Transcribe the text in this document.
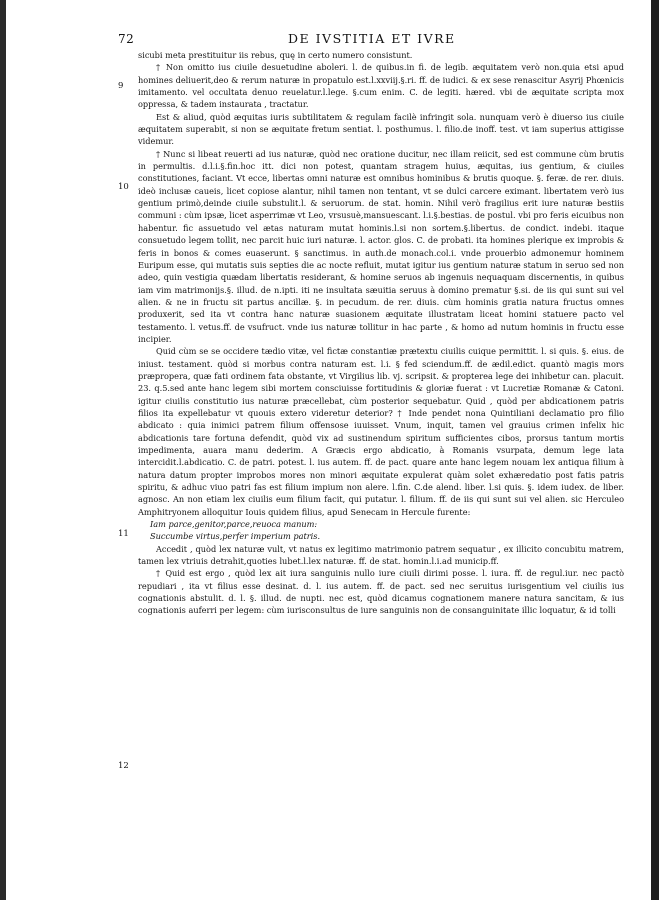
72	DE IVSTITIA ET IVRE
9
10
11
12

sicubi meta prestituitur iis rebus, quę in certo numero consistunt.

† Non omitto ius ciuile desuetudine aboleri. l. de quibus.in fi. de legib. æquitatem verò non.quia etsi apud homines deliuerit,deo & rerum naturæ in propatulo est.l.xxviij.§.ri. ff. de iudici. & ex sese renascitur Asyrij Phœnicis imitamento. vel occultata denuo reuelatur.l.lege. §.cum enim. C. de legiti. hæred. vbi de æquitate scripta mox oppressa, & tadem instaurata , tractatur.

Est & aliud, quòd æquitas iuris subtilitatem & regulam facilè infringit sola. nunquam verò è diuerso ius ciuile æquitatem superabit, si non se æquitate fretum sentiat. l. posthumus. l. filio.de inoff. test. vt iam superius attigisse videmur.

† Nunc si libeat reuerti ad ius naturæ, quòd nec oratione ducitur, nec illam reiicit, sed est commune cùm brutis in permultis. d.l.i.§.fin.hoc itt. dici non potest, quantam stragem huius, æquitas, ius gentium, & ciuiles constitutiones, faciant. Vt ecce, libertas omni naturæ est omnibus hominibus & brutis quoque. §. feræ. de rer. diuis. ideò inclusæ caueis, licet copiose alantur, nihil tamen non tentant, vt se dulci carcere eximant. libertatem verò ius gentium primò,deinde ciuile substulit.l. & seruorum. de stat. homin. Nihil verò fragilius erit iure naturæ bestiis communi : cùm ipsæ, licet asperrimæ vt Leo, vrsusuè,mansuescant. l.i.§.bestias. de postul. vbi pro feris eicuibus non habentur. fic assuetudo vel ætas naturam mutat hominis.l.si non sortem.§.libertus. de condict. indebi. itaque consuetudo legem tollit, nec parcit huic iuri naturæ. l. actor. glos. C. de probati. ita homines plerique ex improbis & feris in bonos & comes euaserunt. § sanctimus. in auth.de monach.col.i. vnde prouerbio admonemur hominem Euripum esse, qui mutatis suis septies die ac nocte refluit, mutat igitur ius gentium naturæ statum in seruo sed non adeo, quin vestigia quædam libertatis residerant, & homine seruos ab ingenuis nequaquam discernentis, in quibus iam vim matrimonijs.§. illud. de n.ipti. iti ne insultata sæuitia seruus à domino prematur §.si. de iis qui sunt sui vel alien. & ne in fructu sit partus ancillæ. §. in pecudum. de rer. diuis. cùm hominis gratia natura fructus omnes produxerit, sed ita vt contra hanc naturæ suasionem æquitate illustratam liceat homini statuere pacto vel testamento. l. vetus.ff. de vsufruct. vnde ius naturæ tollitur in hac parte , & homo ad nutum hominis in fructu esse incipier.

Quid cùm se se occidere tædio vitæ, vel fictæ constantiæ prætextu ciuilis cuique permittit. l. si quis. §. eius. de iniust. testament. quòd si morbus contra naturam est. l.i. § fed sciendum.ff. de ædil.edict. quantò magis mors præpropera, quæ fati ordinem fata obstante, vt Virgilius lib. vj. scripsit. & propterea lege dei inhibetur can. placuit. 23. q.5.sed ante hanc legem sibi mortem consciuisse fortitudinis & gloriæ fuerat : vt Lucretiæ Romanæ & Catoni. igitur ciuilis constitutio ius naturæ præcellebat, cùm posterior sequebatur. Quid , quòd per abdicationem patris filios ita expellebatur vt quouis extero videretur deterior? † Inde pendet nona Quintiliani declamatio pro filio abdicato : quia inimici patrem filium offensose iuuisset. Vnum, inquit, tamen vel grauius crimen infelix hic abdicationis tare fortuna defendit, quòd vix ad sustinendum spiritum sufficientes cibos, prorsus tantum mortis impedimenta, auara manu dederim. A Græcis ergo abdicatio, à Romanis vsurpata, demum lege lata intercidit.l.abdicatio. C. de patri. potest. l. ius autem. ff. de pact. quare ante hanc legem nouam lex antiqua filium à natura datum propter improbos mores non minori æquitate expulerat quàm solet exhæredatio post fatis patris spiritu, & adhuc viuo patri fas est filium impium non alere. l.fin. C.de alend. liber. l.si quis. §. idem iudex. de liber. agnosc. An non etiam lex ciuilis eum filium facit, qui putatur. l. filium. ff. de iis qui sunt sui vel alien. sic Herculeo Amphitryonem alloquitur Iouis quidem filius, apud Senecam in Hercule furente:

Iam parce,genitor,parce,reuoca manum:

Succumbe virtus,perfer imperium patris.

Accedit , quòd lex naturæ vult, vt natus ex legitimo matrimonio patrem sequatur , ex illicito concubitu matrem, tamen lex vtriuis detrahit,quoties lubet.l.lex naturæ. ff. de stat. homin.l.i.ad municip.ff.

† Quid est ergo , quòd lex ait iura sanguinis nullo iure ciuili dirimi posse. l. iura. ff. de regul.iur. nec pactò repudiari , ita vt filius esse desinat. d. l. ius autem. ff. de pact. sed nec seruitus iurisgentium vel ciuilis ius cognationis abstulit. d. l. §. illud. de nupti. nec est, quòd dicamus cognationem manere natura sancitam, & ius cognationis auferri per legem: cùm iurisconsultus de iure sanguinis non de consanguinitate illic loquatur, & id tolli
